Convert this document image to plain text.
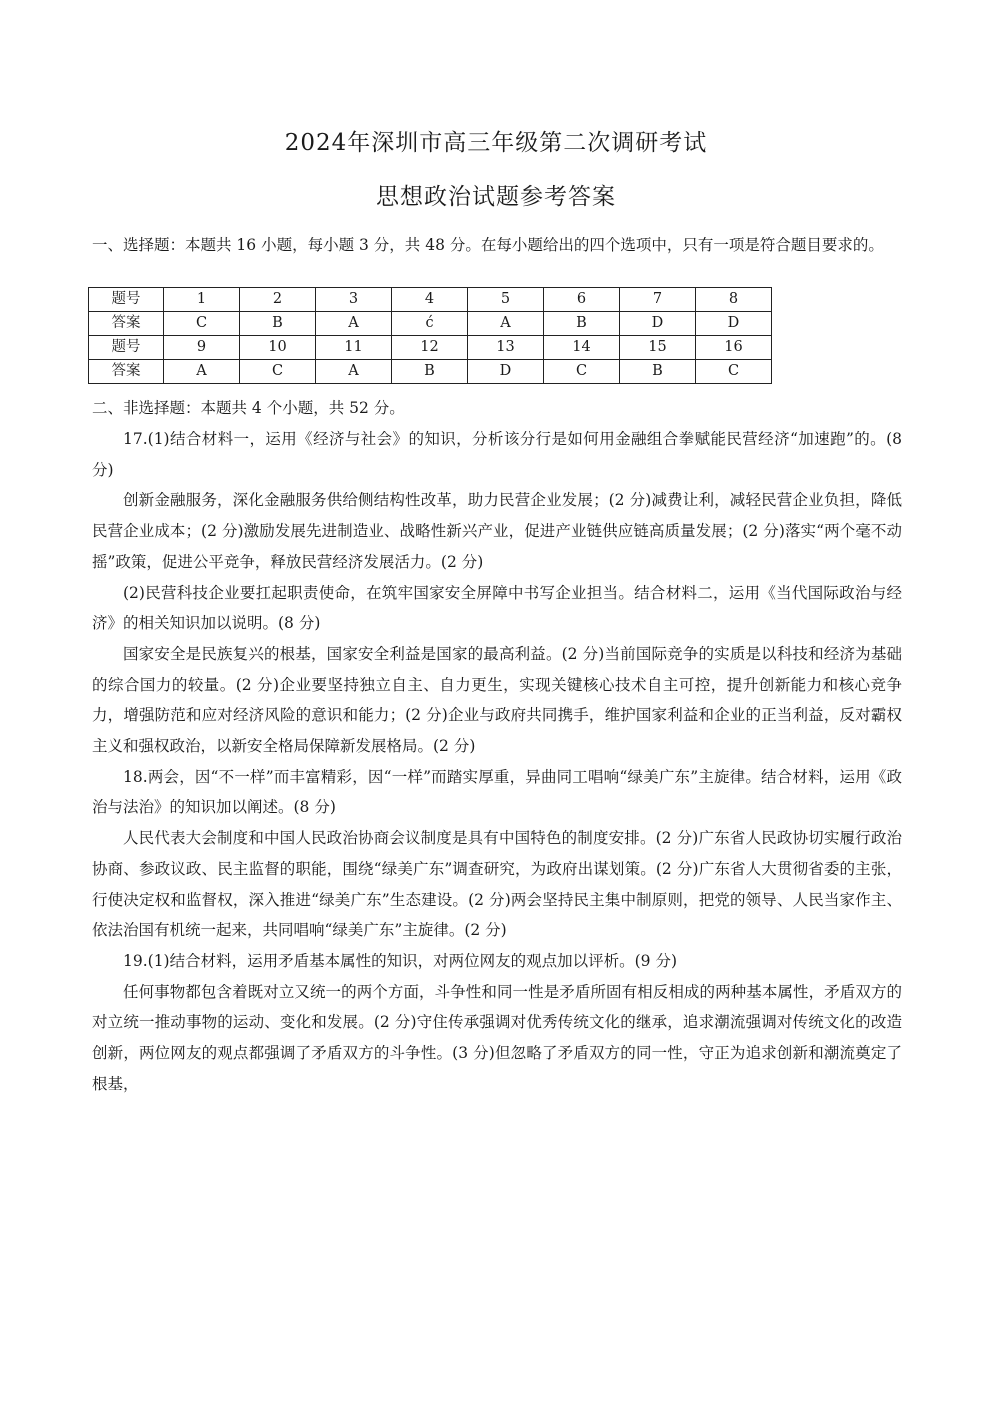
2024年深圳市高三年级第二次调研考试
思想政治试题参考答案
一、选择题：本题共 16 小题，每小题 3 分，共 48 分。在每小题给出的四个选项中，只有一项是符合题目要求的。
题号	1	2	3	4	5	6	7	8
答案	C	B	A	ć	A	B	D	D
题号	9	10	11	12	13	14	15	16
答案	A	C	A	B	D	C	B	C
二、非选择题：本题共 4 个小题，共 52 分。

17.(1)结合材料一，运用《经济与社会》的知识，分析该分行是如何用金融组合拳赋能民营经济“加速跑”的。(8 分)

创新金融服务，深化金融服务供给侧结构性改革，助力民营企业发展；(2 分)减费让利，减轻民营企业负担，降低民营企业成本；(2 分)激励发展先进制造业、战略性新兴产业，促进产业链供应链高质量发展；(2 分)落实“两个毫不动摇”政策，促进公平竞争，释放民营经济发展活力。(2 分)

(2)民营科技企业要扛起职责使命，在筑牢国家安全屏障中书写企业担当。结合材料二，运用《当代国际政治与经济》的相关知识加以说明。(8 分)

国家安全是民族复兴的根基，国家安全利益是国家的最高利益。(2 分)当前国际竞争的实质是以科技和经济为基础的综合国力的较量。(2 分)企业要坚持独立自主、自力更生，实现关键核心技术自主可控，提升创新能力和核心竞争力，增强防范和应对经济风险的意识和能力；(2 分)企业与政府共同携手，维护国家利益和企业的正当利益，反对霸权主义和强权政治，以新安全格局保障新发展格局。(2 分)

18.两会，因“不一样”而丰富精彩，因“一样”而踏实厚重，异曲同工唱响“绿美广东”主旋律。结合材料，运用《政治与法治》的知识加以阐述。(8 分)

人民代表大会制度和中国人民政治协商会议制度是具有中国特色的制度安排。(2 分)广东省人民政协切实履行政治协商、参政议政、民主监督的职能，围绕“绿美广东”调查研究，为政府出谋划策。(2 分)广东省人大贯彻省委的主张，行使决定权和监督权，深入推进“绿美广东”生态建设。(2 分)两会坚持民主集中制原则，把党的领导、人民当家作主、依法治国有机统一起来，共同唱响“绿美广东”主旋律。(2 分)

19.(1)结合材料，运用矛盾基本属性的知识，对两位网友的观点加以评析。(9 分)

任何事物都包含着既对立又统一的两个方面，斗争性和同一性是矛盾所固有相反相成的两种基本属性，矛盾双方的对立统一推动事物的运动、变化和发展。(2 分)守住传承强调对优秀传统文化的继承，追求潮流强调对传统文化的改造创新，两位网友的观点都强调了矛盾双方的斗争性。(3 分)但忽略了矛盾双方的同一性，守正为追求创新和潮流奠定了根基，
